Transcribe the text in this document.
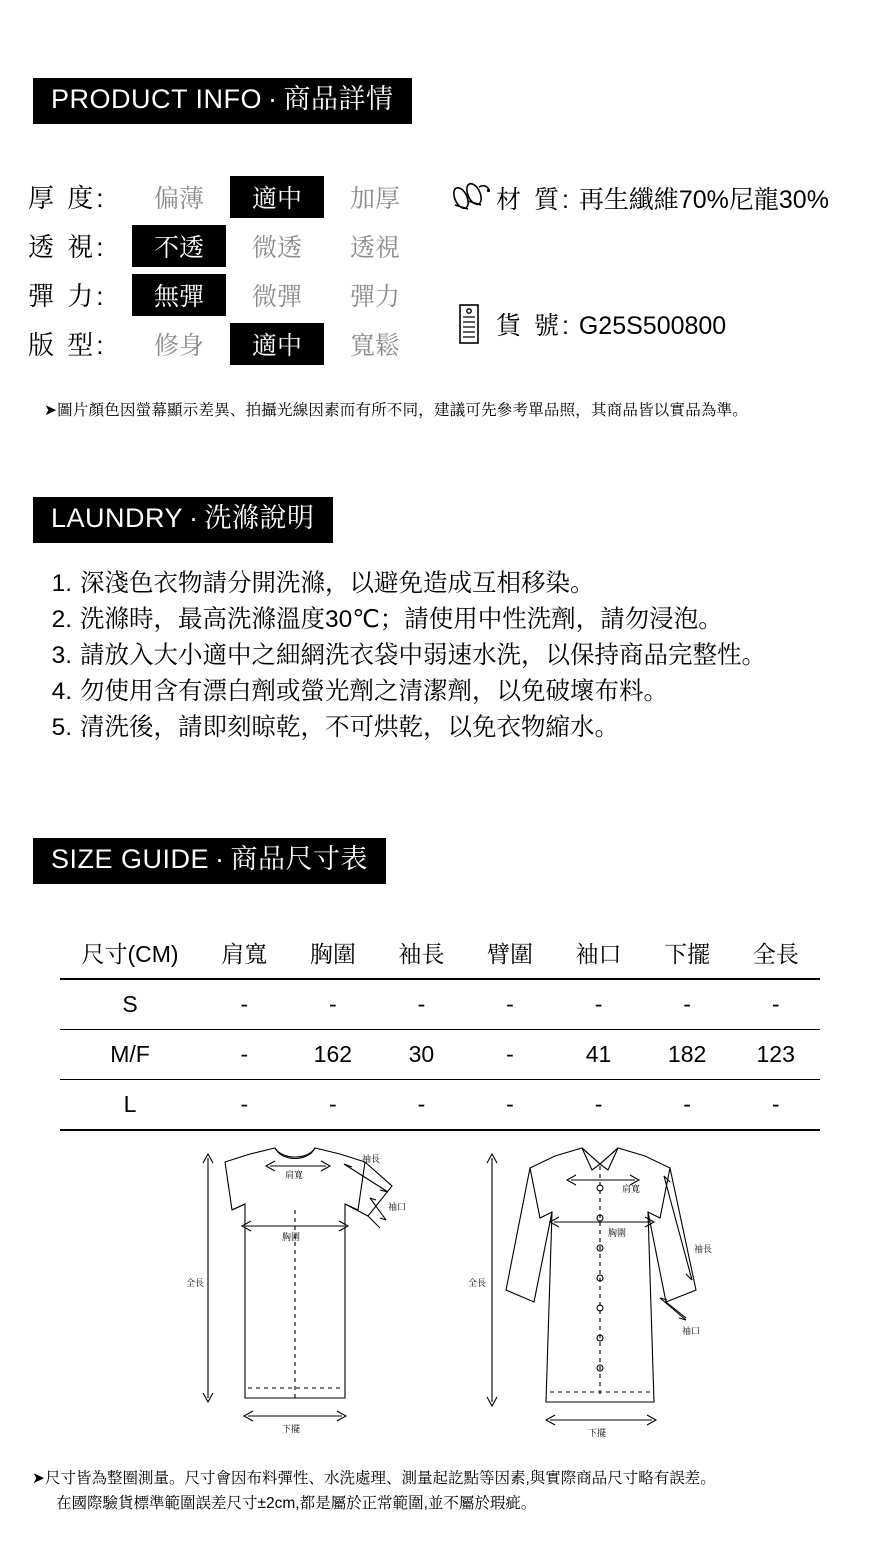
PRODUCT INFO · 商品詳情
厚 度:	偏薄	適中	加厚
透 視:	不透	微透	透視
彈 力:	無彈	微彈	彈力
版 型:	修身	適中	寬鬆
材 質: 再生纖維70%尼龍30%
貨 號: G25S500800
➤圖片顏色因螢幕顯示差異、拍攝光線因素而有所不同，建議可先參考單品照，其商品皆以實品為準。
LAUNDRY · 洗滌說明
1. 深淺色衣物請分開洗滌，以避免造成互相移染。
2. 洗滌時，最高洗滌溫度30℃；請使用中性洗劑，請勿浸泡。
3. 請放入大小適中之細網洗衣袋中弱速水洗，以保持商品完整性。
4. 勿使用含有漂白劑或螢光劑之清潔劑，以免破壞布料。
5. 清洗後，請即刻晾乾，不可烘乾，以免衣物縮水。
SIZE GUIDE · 商品尺寸表
尺寸(CM)	肩寬	胸圍	袖長	臂圍	袖口	下擺	全長
S	-	-	-	-	-	-	-
M/F	-	162	30	-	41	182	123
L	-	-	-	-	-	-	-
全長
肩寬
胸圍
袖長
袖口
下擺
全長
肩寬
胸圍
袖長
袖口
下擺
➤尺寸皆為整圈測量。尺寸會因布料彈性、水洗處理、測量起訖點等因素,與實際商品尺寸略有誤差。
在國際驗貨標準範圍誤差尺寸±2cm,都是屬於正常範圍,並不屬於瑕疵。
